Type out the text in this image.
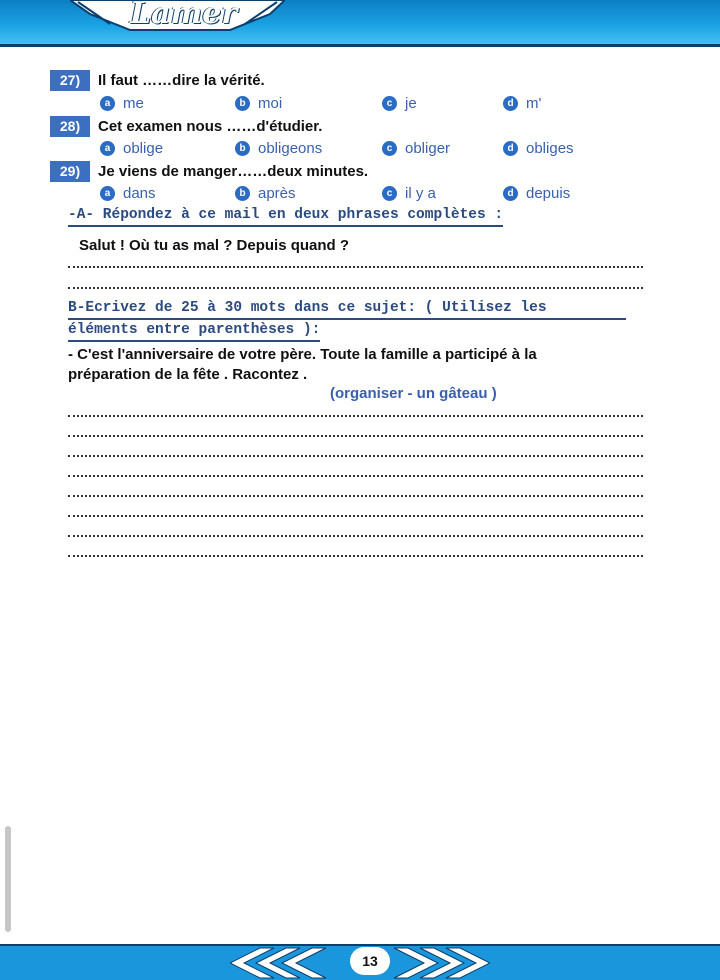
Lamer
27) Il faut ……dire la vérité.
a me	b moi	c je	d m'
28) Cet examen nous ……d'étudier.
a oblige	b obligeons	c obliger	d obliges
29) Je viens de manger……deux minutes.
a dans	b après	c il y a	d depuis
-A- Répondez à ce mail en deux phrases complètes :
Salut ! Où tu as mal ? Depuis quand ?
B-Ecrivez de 25 à 30 mots dans ce sujet: ( Utilisez les
éléments entre parenthèses ):
- C'est l'anniversaire de votre père. Toute la famille a participé à la
préparation de la fête . Racontez .
(organiser - un gâteau )
13
